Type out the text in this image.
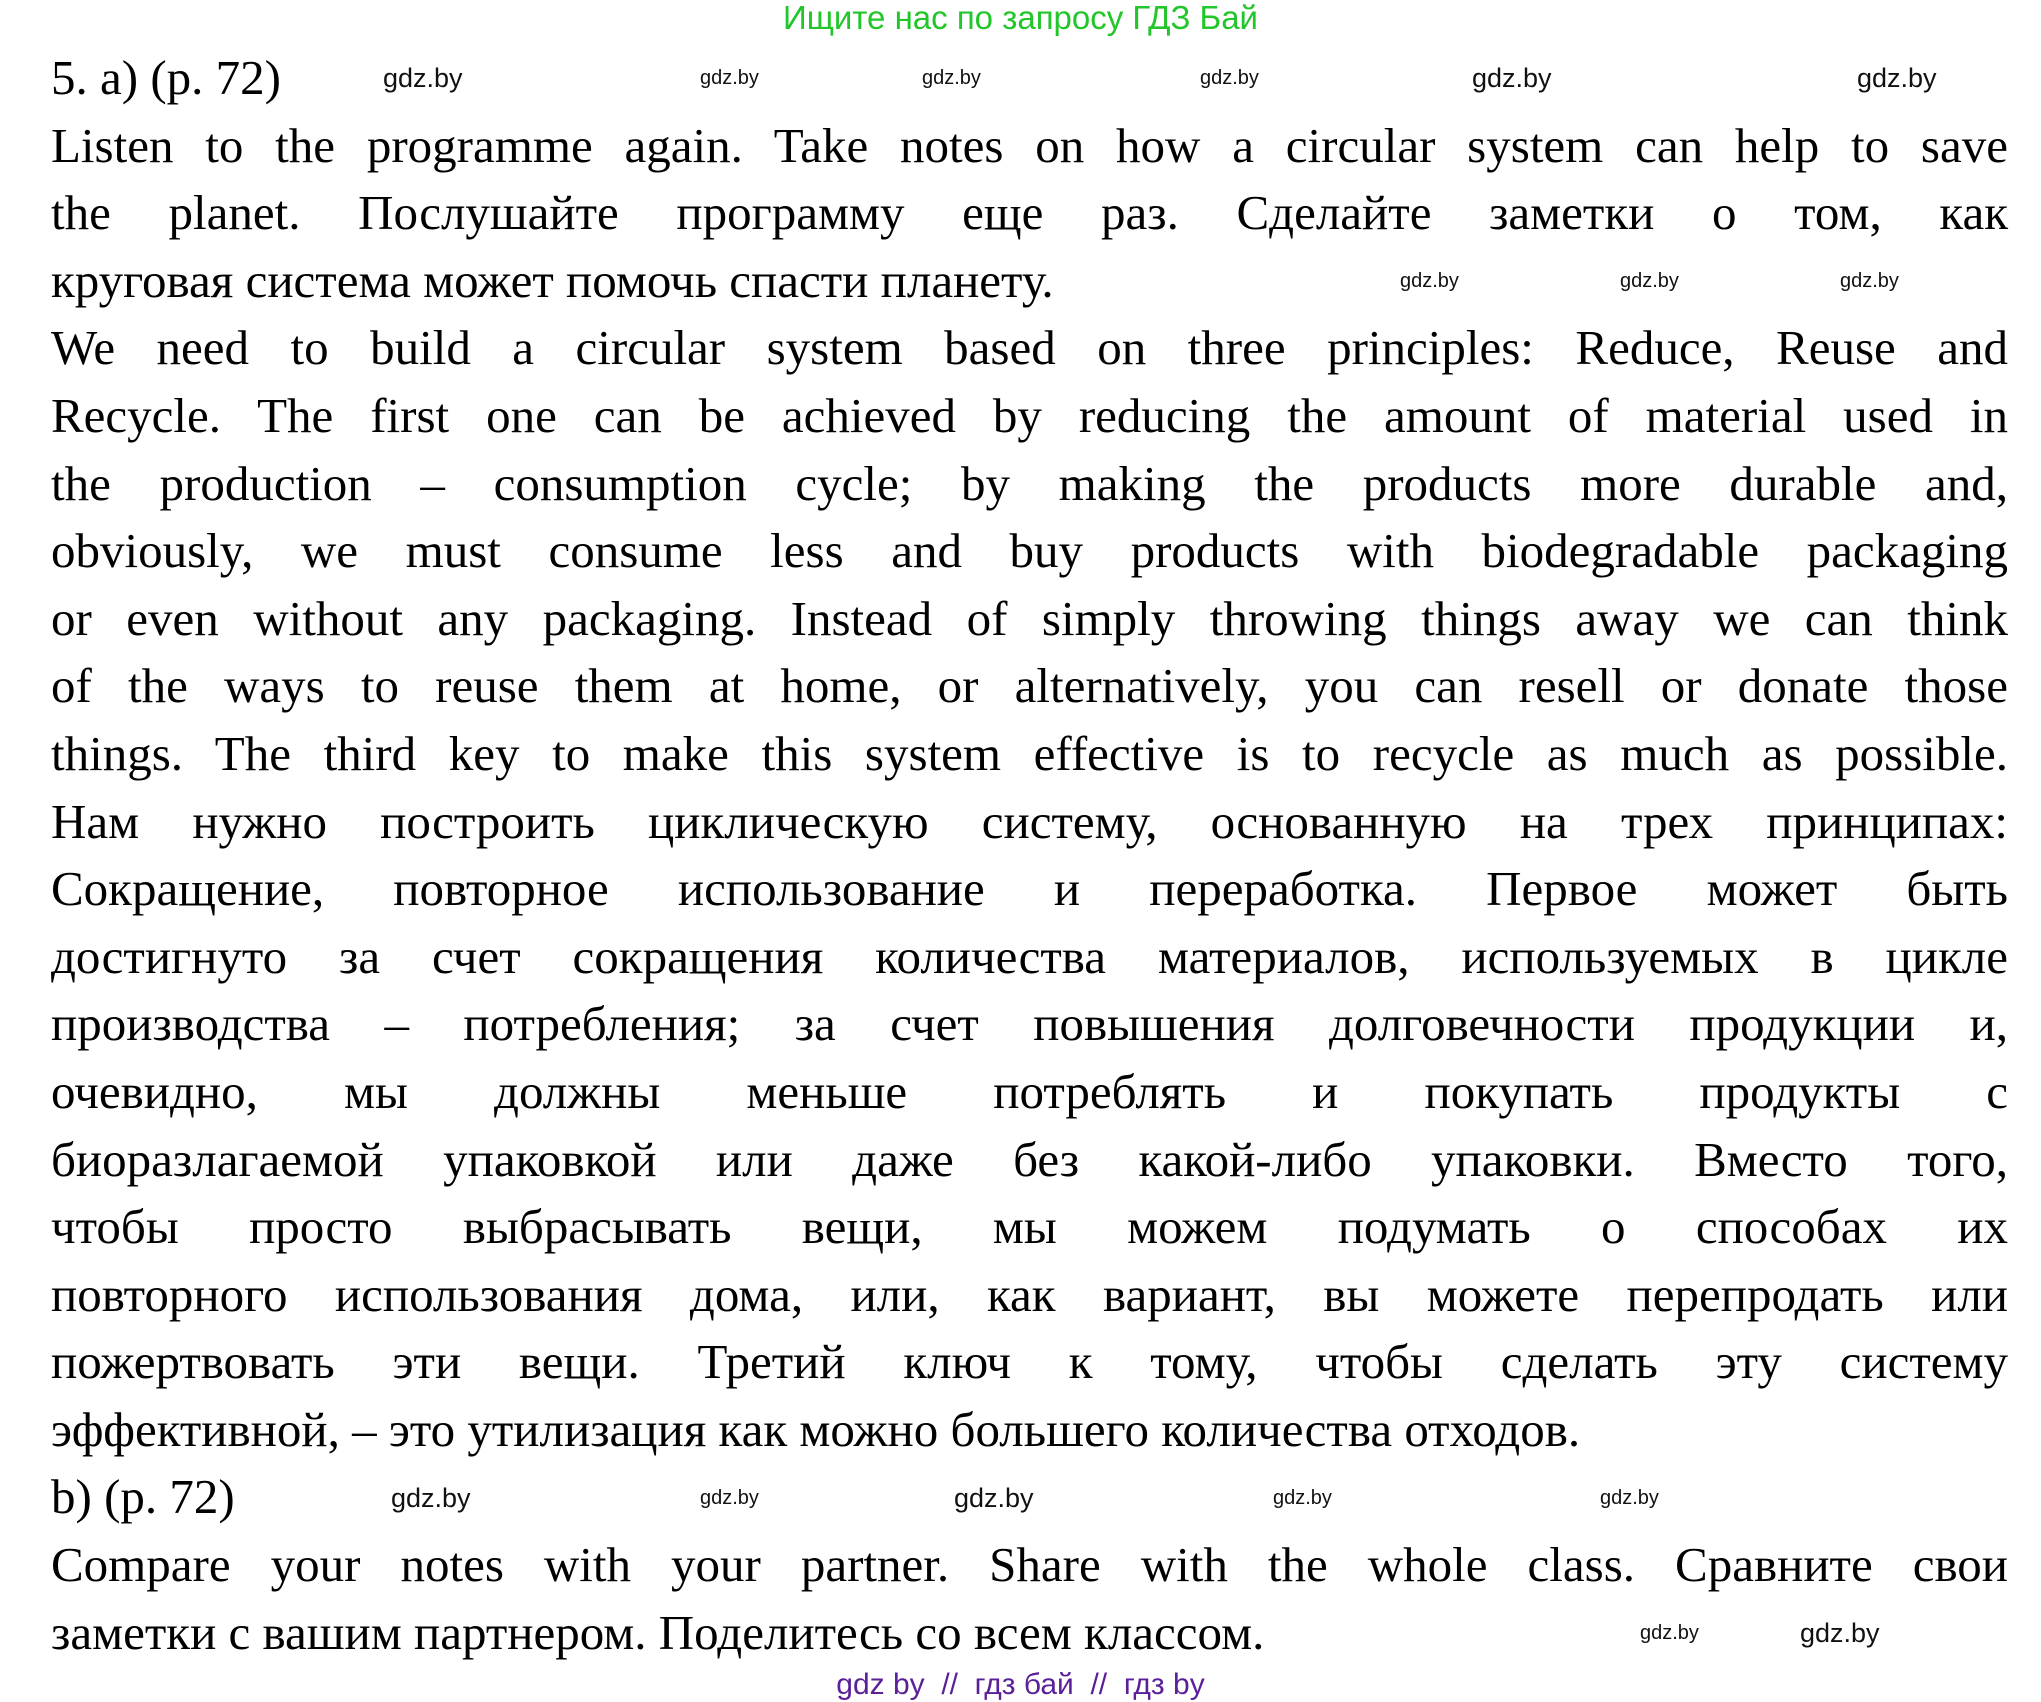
Ищите нас по запросу ГДЗ Бай
5. a) (p. 72)
Listen to the programme again. Take notes on how a circular system can help to save
the planet. Послушайте программу еще раз. Сделайте заметки о том, как
круговая система может помочь спасти планету.
We need to build a circular system based on three principles: Reduce, Reuse and
Recycle. The first one can be achieved by reducing the amount of material used in
the production – consumption cycle; by making the products more durable and,
obviously, we must consume less and buy products with biodegradable packaging
or even without any packaging. Instead of simply throwing things away we can think
of the ways to reuse them at home, or alternatively, you can resell or donate those
things. The third key to make this system effective is to recycle as much as possible.
Нам нужно построить циклическую систему, основанную на трех принципах:
Сокращение, повторное использование и переработка. Первое может быть
достигнуто за счет сокращения количества материалов, используемых в цикле
производства – потребления; за счет повышения долговечности продукции и,
очевидно, мы должны меньше потреблять и покупать продукты с
биоразлагаемой упаковкой или даже без какой-либо упаковки. Вместо того,
чтобы просто выбрасывать вещи, мы можем подумать о способах их
повторного использования дома, или, как вариант, вы можете перепродать или
пожертвовать эти вещи. Третий ключ к тому, чтобы сделать эту систему
эффективной, – это утилизация как можно большего количества отходов.
b) (p. 72)
Compare your notes with your partner. Share with the whole class. Сравните свои
заметки с вашим партнером. Поделитесь со всем классом.
gdz.by	gdz.by	gdz.by	gdz.by	gdz.by	gdz.by
gdz.by	gdz.by	gdz.by
gdz.by	gdz.by	gdz.by	gdz.by	gdz.by
gdz.by	gdz.by
gdz by  //  гдз бай  //  гдз by
